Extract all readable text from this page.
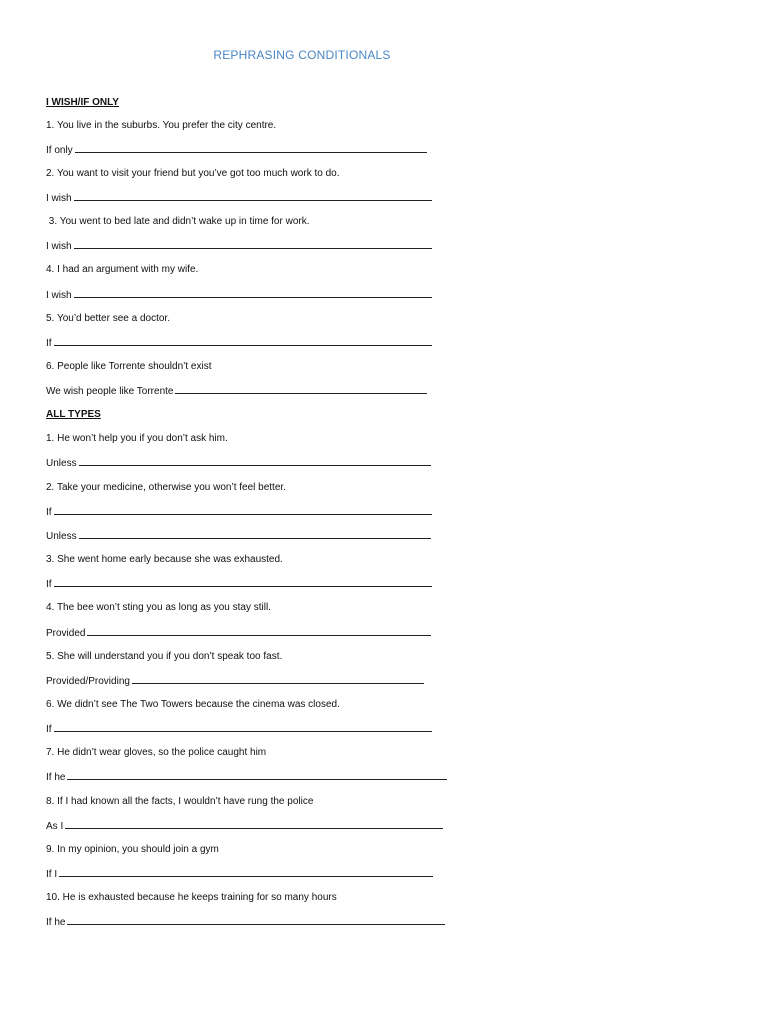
REPHRASING CONDITIONALS
I WISH/IF ONLY
1. You live in the suburbs. You prefer the city centre.
If only
2. You want to visit your friend but you’ve got too much work to do.
I wish
3. You went to bed late and didn’t wake up in time for work.
I wish
4. I had an argument with my wife.
I wish
5. You’d better see a doctor.
If
6. People like Torrente shouldn’t exist
We wish people like Torrente
ALL TYPES
1. He won’t help you if you don’t ask him.
Unless
2. Take your medicine, otherwise you won’t feel better.
If
Unless
3. She went home early because she was exhausted.
If
4. The bee won’t sting you as long as you stay still.
Provided
5. She will understand you if you don’t speak too fast.
Provided/Providing
6. We didn’t see The Two Towers because the cinema was closed.
If
7. He didn’t wear gloves, so the police caught him
If he
8. If I had known all the facts, I wouldn’t have rung the police
As I
9. In my opinion, you should join a gym
If I
10. He is exhausted because he keeps training for so many hours
If he
